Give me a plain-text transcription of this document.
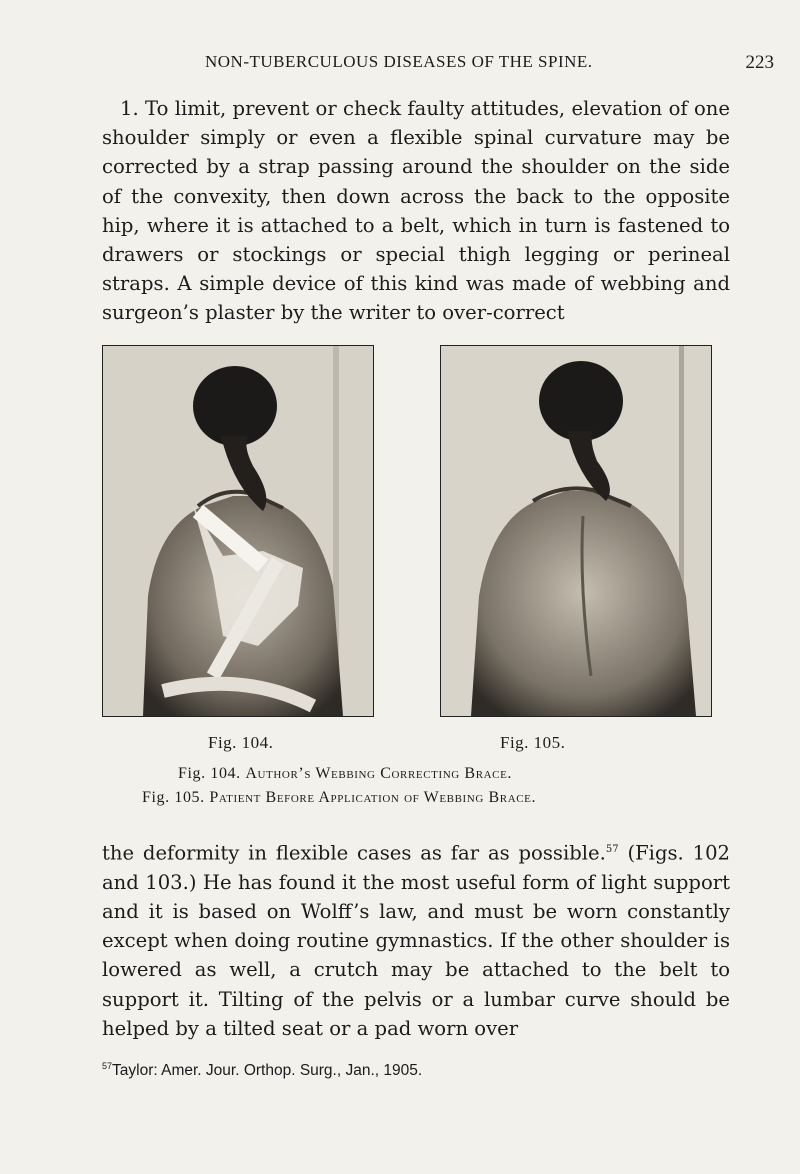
NON-TUBERCULOUS DISEASES OF THE SPINE.	223

1. To limit, prevent or check faulty attitudes, elevation of one shoulder simply or even a flexible spinal curvature may be corrected by a strap passing around the shoulder on the side of the convexity, then down across the back to the opposite hip, where it is attached to a belt, which in turn is fastened to drawers or stockings or special thigh legging or perineal straps. A simple device of this kind was made of webbing and surgeon’s plaster by the writer to over-correct

Fig. 104.	Fig. 105.
Fig. 104. Author’s Webbing Correcting Brace.
Fig. 105. Patient Before Application of Webbing Brace.

the deformity in flexible cases as far as possible.$^{57}$ (Figs. 102 and 103.) He has found it the most useful form of light support and it is based on Wolff’s law, and must be worn constantly except when doing routine gymnastics. If the other shoulder is lowered as well, a crutch may be attached to the belt to support it. Tilting of the pelvis or a lumbar curve should be helped by a tilted seat or a pad worn over

$^{57}$Taylor: Amer. Jour. Orthop. Surg., Jan., 1905.
